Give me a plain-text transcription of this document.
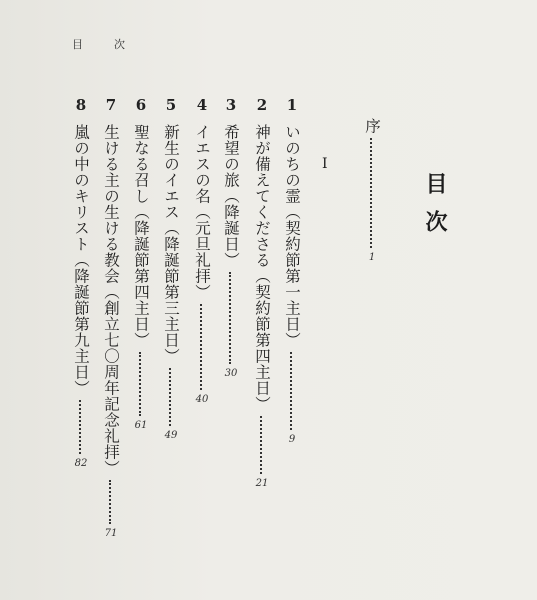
目　次
目次
序
1
I
1
いのちの霊（契約節第一主日）
9
2
神が備えてくださる（契約節第四主日）
21
3
希望の旅（降誕日）
30
4
イエスの名（元旦礼拝）
40
5
新生のイエス（降誕節第三主日）
49
6
聖なる召し（降誕節第四主日）
61
7
生ける主の生ける教会（創立七〇周年記念礼拝）
71
8
嵐の中のキリスト（降誕節第九主日）
82
